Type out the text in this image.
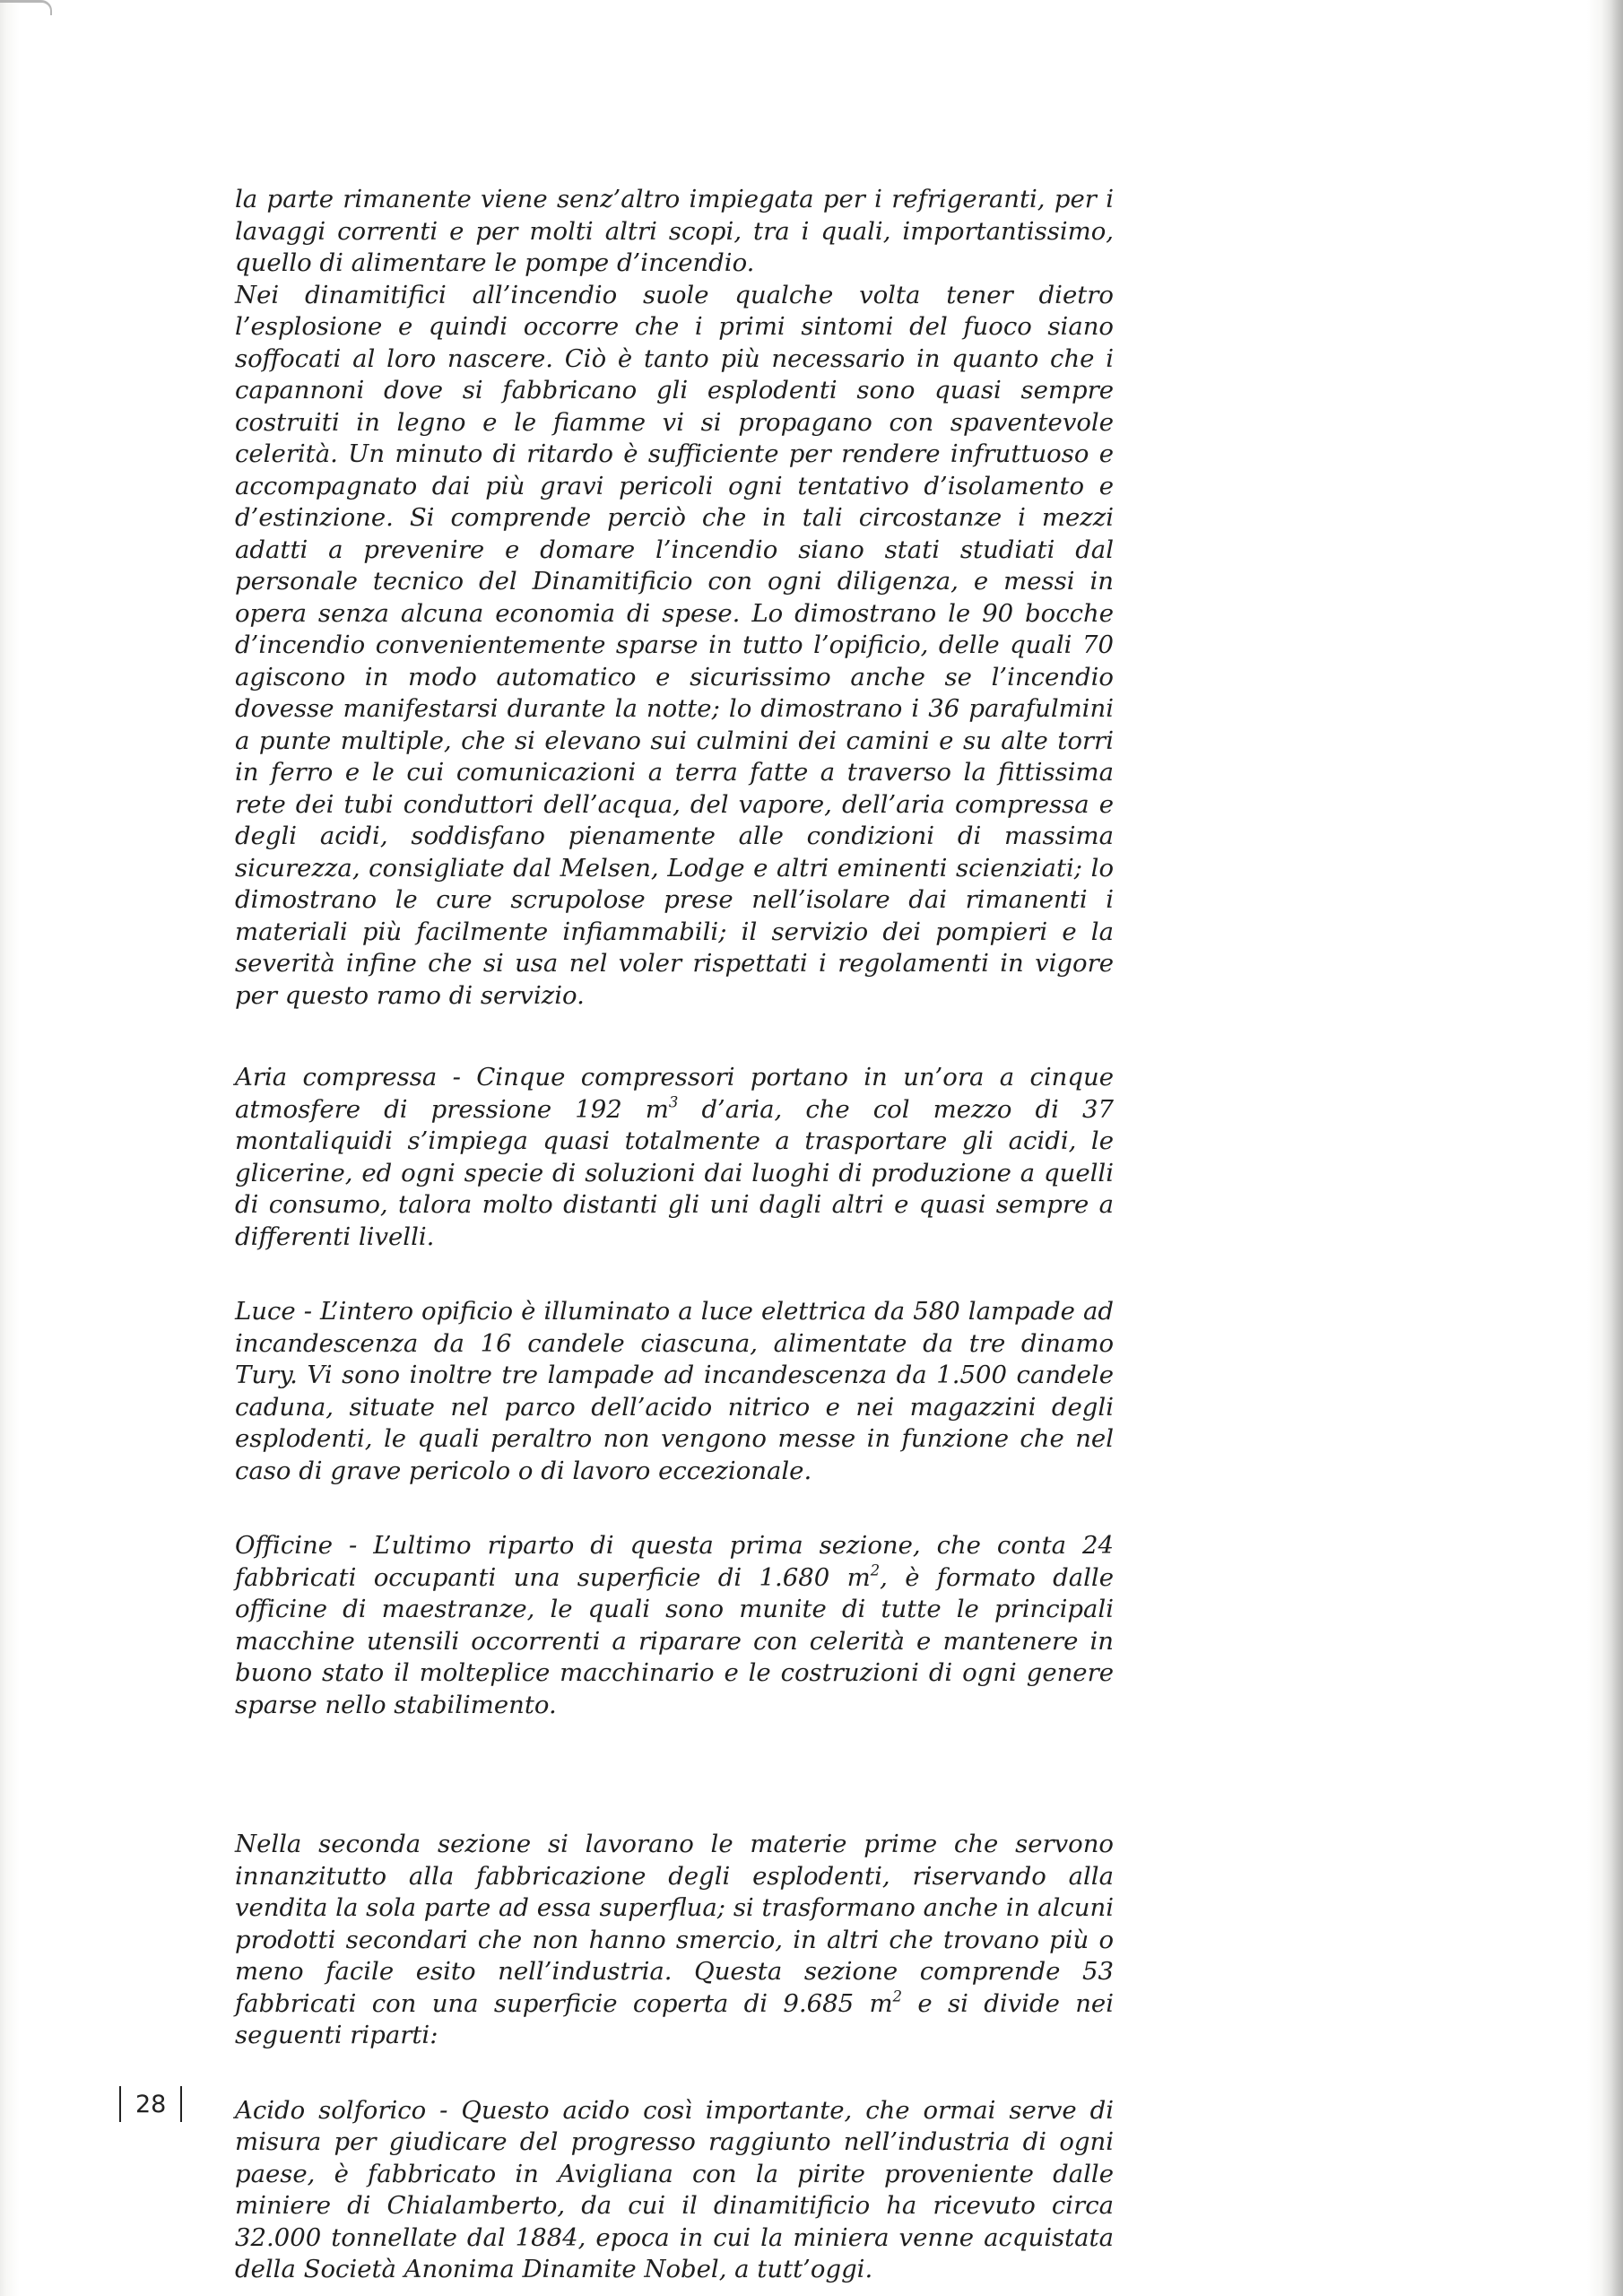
la parte rimanente viene senz’altro impiegata per i refrigeranti, per i lavaggi correnti e per molti altri scopi, tra i quali, importantissimo, quello di alimentare le pompe d’incendio.

Nei dinamitifici all’incendio suole qualche volta tener dietro l’esplosione e quindi occorre che i primi sintomi del fuoco siano soffocati al loro nascere. Ciò è tanto più necessario in quanto che i capannoni dove si fabbricano gli esplodenti sono quasi sempre costruiti in legno e le fiamme vi si propagano con spaventevole celerità. Un minuto di ritardo è sufficiente per rendere infruttuoso e accompagnato dai più gravi pericoli ogni tentativo d’isolamento e d’estinzione. Si comprende perciò che in tali circostanze i mezzi adatti a prevenire e domare l’incendio siano stati studiati dal personale tecnico del Dinamitificio con ogni diligenza, e messi in opera senza alcuna economia di spese. Lo dimostrano le 90 bocche d’incendio convenientemente sparse in tutto l’opificio, delle quali 70 agiscono in modo automatico e sicurissimo anche se l’incendio dovesse manifestarsi durante la notte; lo dimostrano i 36 parafulmini a punte multiple, che si elevano sui culmini dei camini e su alte torri in ferro e le cui comunicazioni a terra fatte a traverso la fittissima rete dei tubi conduttori dell’acqua, del vapore, dell’aria compressa e degli acidi, soddisfano pienamente alle condizioni di massima sicurezza, consigliate dal Melsen, Lodge e altri eminenti scienziati; lo dimostrano le cure scrupolose prese nell’isolare dai rimanenti i materiali più facilmente infiammabili; il servizio dei pompieri e la severità infine che si usa nel voler rispettati i regolamenti in vigore per questo ramo di servizio.

Aria compressa - Cinque compressori portano in un’ora a cinque atmosfere di pressione 192 $m^3$ d’aria, che col mezzo di 37 montaliquidi s’impiega quasi totalmente a trasportare gli acidi, le glicerine, ed ogni specie di soluzioni dai luoghi di produzione a quelli di consumo, talora molto distanti gli uni dagli altri e quasi sempre a differenti livelli.

Luce - L’intero opificio è illuminato a luce elettrica da 580 lampade ad incandescenza da 16 candele ciascuna, alimentate da tre dinamo Tury. Vi sono inoltre tre lampade ad incandescenza da 1.500 candele caduna, situate nel parco dell’acido nitrico e nei magazzini degli esplodenti, le quali peraltro non vengono messe in funzione che nel caso di grave pericolo o di lavoro eccezionale.

Officine - L’ultimo riparto di questa prima sezione, che conta 24 fabbricati occupanti una superficie di 1.680 $m^2$, è formato dalle officine di maestranze, le quali sono munite di tutte le principali macchine utensili occorrenti a riparare con celerità e mantenere in buono stato il molteplice macchinario e le costruzioni di ogni genere sparse nello stabilimento.

Nella seconda sezione si lavorano le materie prime che servono innanzitutto alla fabbricazione degli esplodenti, riservando alla vendita la sola parte ad essa superflua; si trasformano anche in alcuni prodotti secondari che non hanno smercio, in altri che trovano più o meno facile esito nell’industria. Questa sezione comprende 53 fabbricati con una superficie coperta di 9.685 $m^2$ e si divide nei seguenti riparti:

Acido solforico - Questo acido così importante, che ormai serve di misura per giudicare del progresso raggiunto nell’industria di ogni paese, è fabbricato in Avigliana con la pirite proveniente dalle miniere di Chialamberto, da cui il dinamitificio ha ricevuto circa 32.000 tonnellate dal 1884, epoca in cui la miniera venne acquistata della Società Anonima Dinamite Nobel, a tutt’oggi.

28
